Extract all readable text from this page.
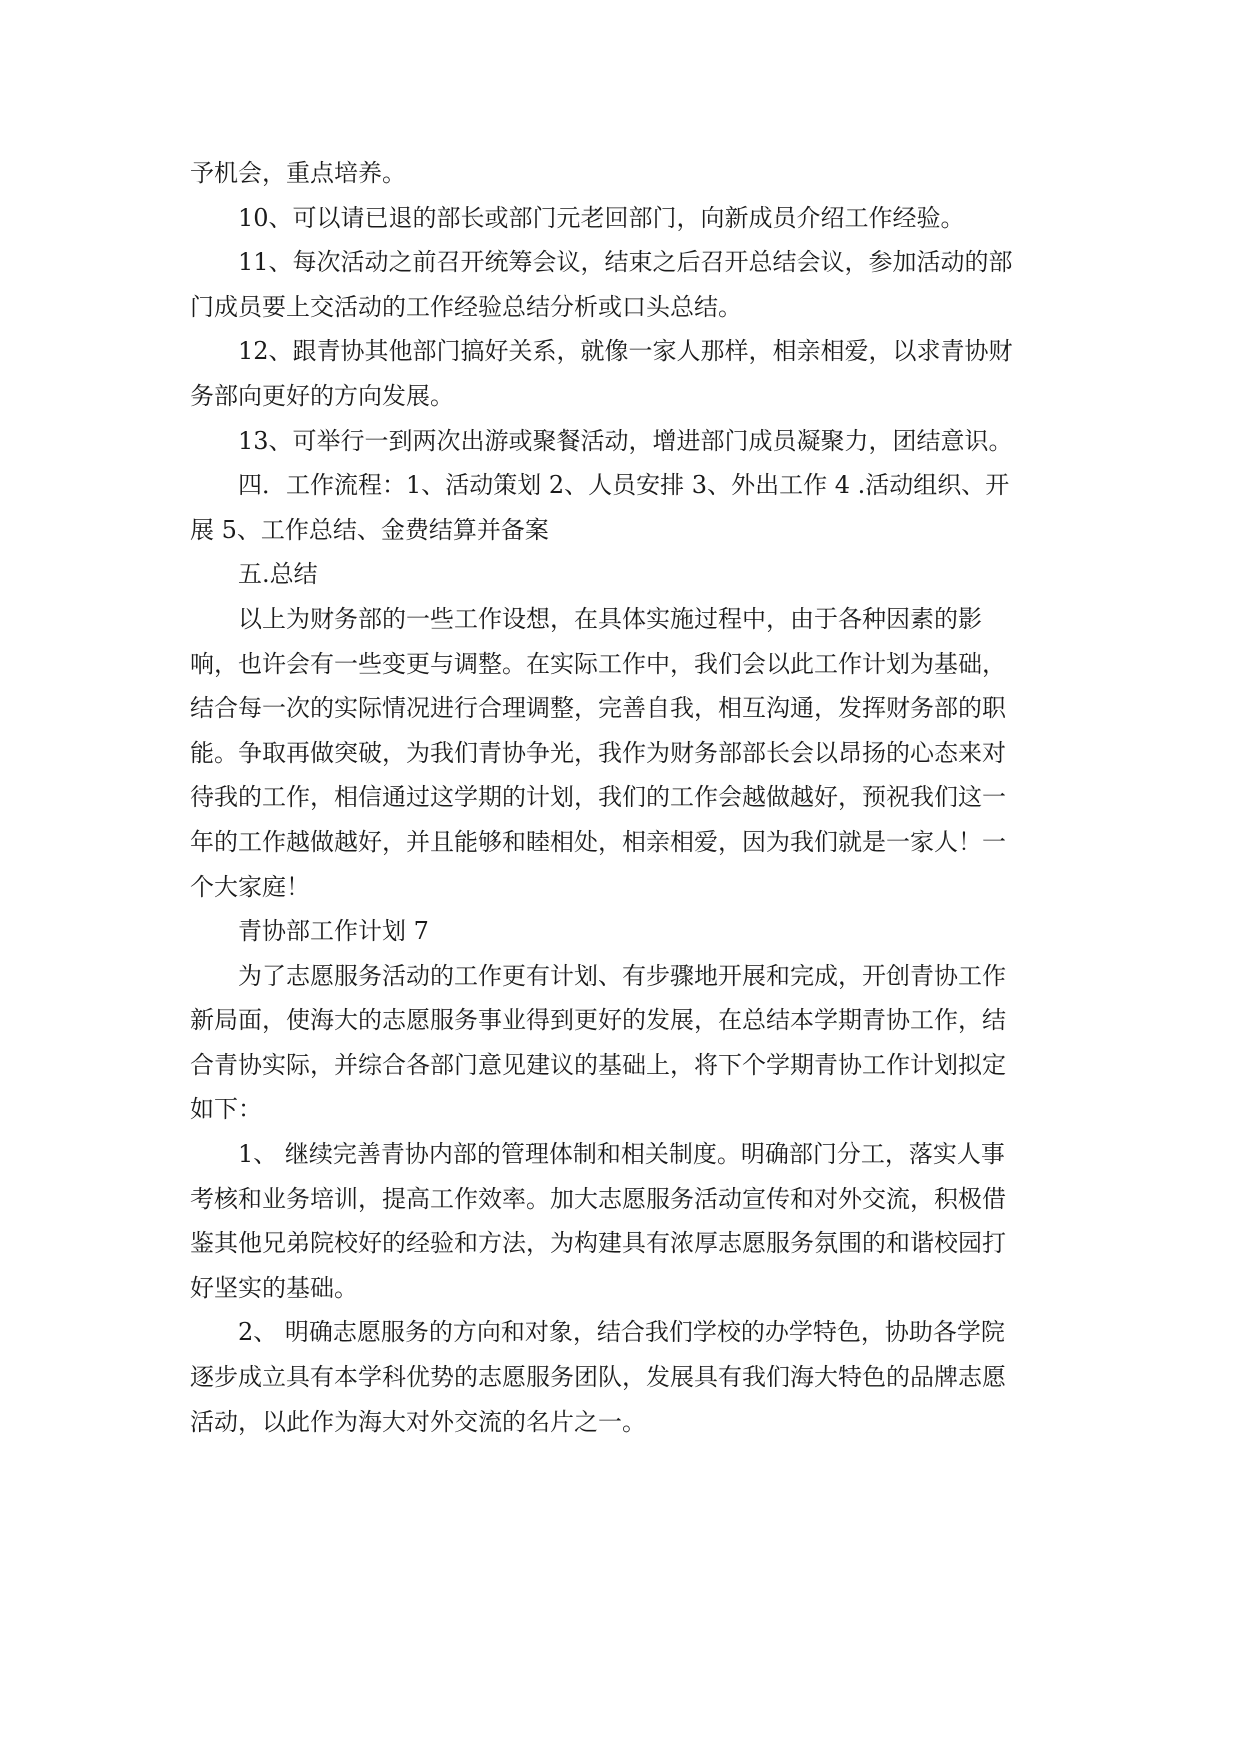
予机会，重点培养。

10、可以请已退的部长或部门元老回部门，向新成员介绍工作经验。

11、每次活动之前召开统筹会议，结束之后召开总结会议，参加活动的部

门成员要上交活动的工作经验总结分析或口头总结。

12、跟青协其他部门搞好关系，就像一家人那样，相亲相爱，以求青协财

务部向更好的方向发展。

13、可举行一到两次出游或聚餐活动，增进部门成员凝聚力，团结意识。

四．工作流程：1、活动策划 2、人员安排 3、外出工作 4 .活动组织、开

展 5、工作总结、金费结算并备案

五.总结

以上为财务部的一些工作设想，在具体实施过程中，由于各种因素的影

响，也许会有一些变更与调整。在实际工作中，我们会以此工作计划为基础，

结合每一次的实际情况进行合理调整，完善自我，相互沟通，发挥财务部的职

能。争取再做突破，为我们青协争光，我作为财务部部长会以昂扬的心态来对

待我的工作，相信通过这学期的计划，我们的工作会越做越好，预祝我们这一

年的工作越做越好，并且能够和睦相处，相亲相爱，因为我们就是一家人！一

个大家庭！

青协部工作计划 7

为了志愿服务活动的工作更有计划、有步骤地开展和完成，开创青协工作

新局面，使海大的志愿服务事业得到更好的发展，在总结本学期青协工作，结

合青协实际，并综合各部门意见建议的基础上，将下个学期青协工作计划拟定

如下：

1、 继续完善青协内部的管理体制和相关制度。明确部门分工，落实人事

考核和业务培训，提高工作效率。加大志愿服务活动宣传和对外交流，积极借

鉴其他兄弟院校好的经验和方法，为构建具有浓厚志愿服务氛围的和谐校园打

好坚实的基础。

2、 明确志愿服务的方向和对象，结合我们学校的办学特色，协助各学院

逐步成立具有本学科优势的志愿服务团队，发展具有我们海大特色的品牌志愿

活动，以此作为海大对外交流的名片之一。
